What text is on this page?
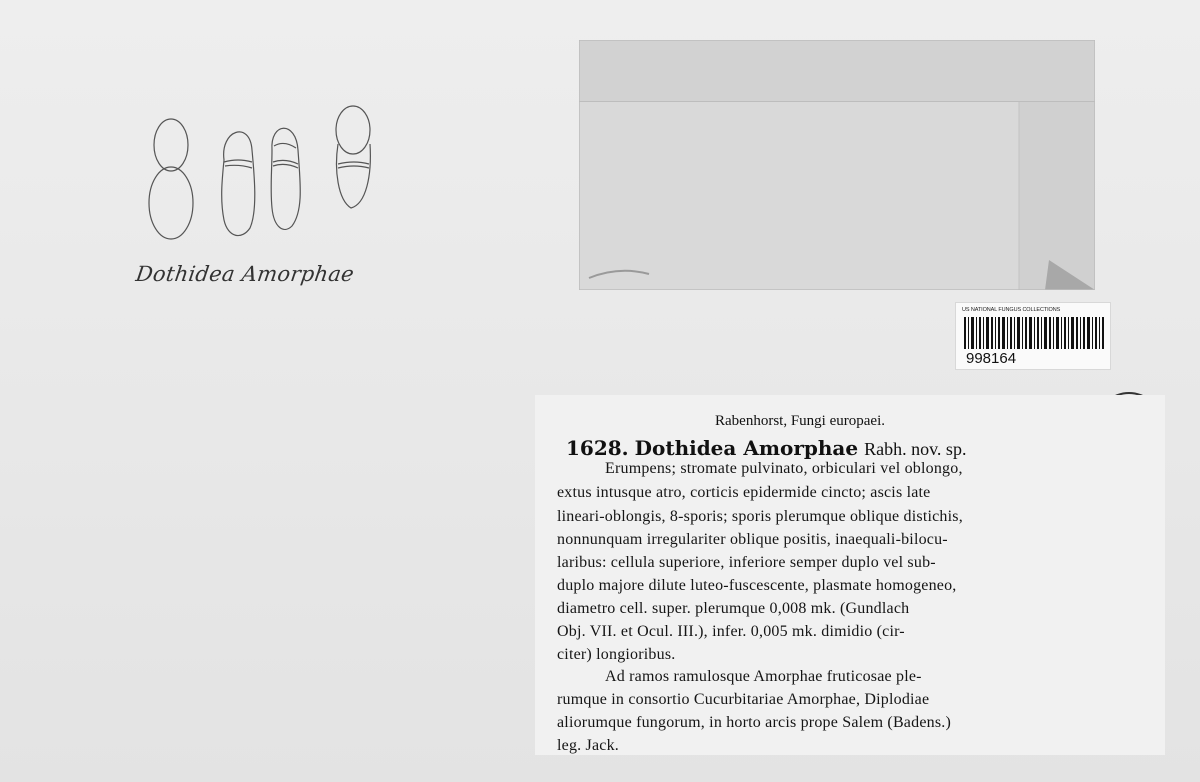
Dothidea Amorphae
US NATIONAL FUNGUS COLLECTIONS
998164
Rabenhorst, Fungi europaei.
1628. Dothidea Amorphae Rabh. nov. sp.
Erumpens; stromate pulvinato, orbiculari vel oblongo,
extus intusque atro, corticis epidermide cincto; ascis late
lineari-oblongis, 8-sporis; sporis plerumque oblique distichis,
nonnunquam irregulariter oblique positis, inaequali-bilocu-
laribus: cellula superiore, inferiore semper duplo vel sub-
duplo majore dilute luteo-fuscescente, plasmate homogeneo,
diametro cell. super. plerumque 0,008 mk. (Gundlach
Obj. VII. et Ocul. III.), infer. 0,005 mk. dimidio (cir-
citer) longioribus.
Ad ramos ramulosque Amorphae fruticosae ple-
rumque in consortio Cucurbitariae Amorphae, Diplodiae
aliorumque fungorum, in horto arcis prope Salem (Badens.)
leg. Jack.
